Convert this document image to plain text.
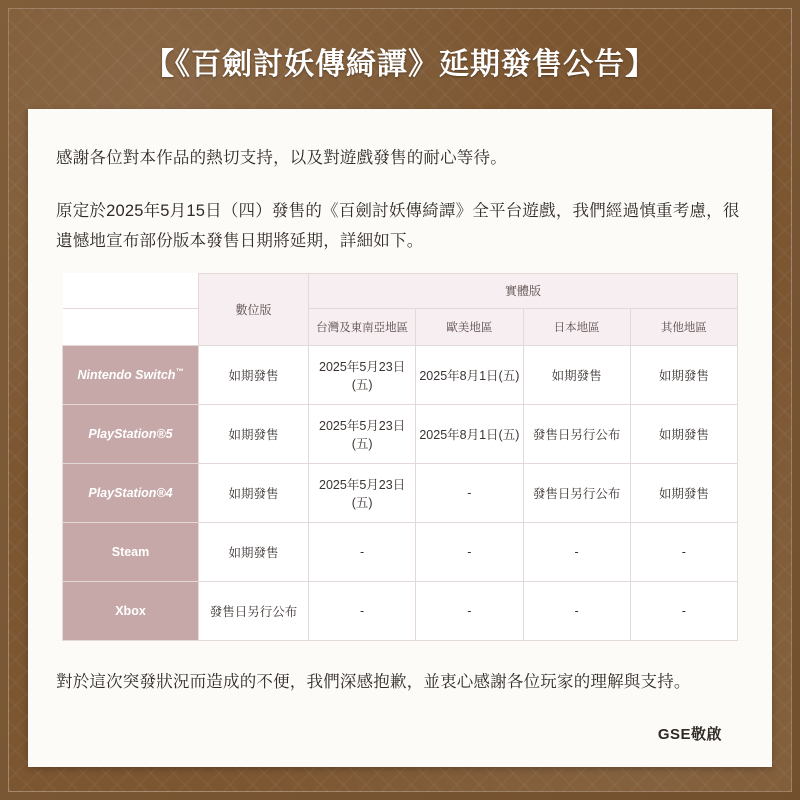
【《百劍討妖傳綺譚》延期發售公告】

感謝各位對本作品的熱切支持，以及對遊戲發售的耐心等待。

原定於2025年5月15日（四）發售的《百劍討妖傳綺譚》全平台遊戲，我們經過慎重考慮，很遺憾地宣布部份版本發售日期將延期，詳細如下。

	數位版	實體版			
		台灣及東南亞地區	歐美地區	日本地區	其他地區
Nintendo Switch™	如期發售	2025年5月23日(五)	2025年8月1日(五)	如期發售	如期發售
PlayStation®5	如期發售	2025年5月23日(五)	2025年8月1日(五)	發售日另行公布	如期發售
PlayStation®4	如期發售	2025年5月23日(五)	-	發售日另行公布	如期發售
Steam	如期發售	-	-	-	-
Xbox	發售日另行公布	-	-	-	-

對於這次突發狀況而造成的不便，我們深感抱歉，並衷心感謝各位玩家的理解與支持。

GSE敬啟
